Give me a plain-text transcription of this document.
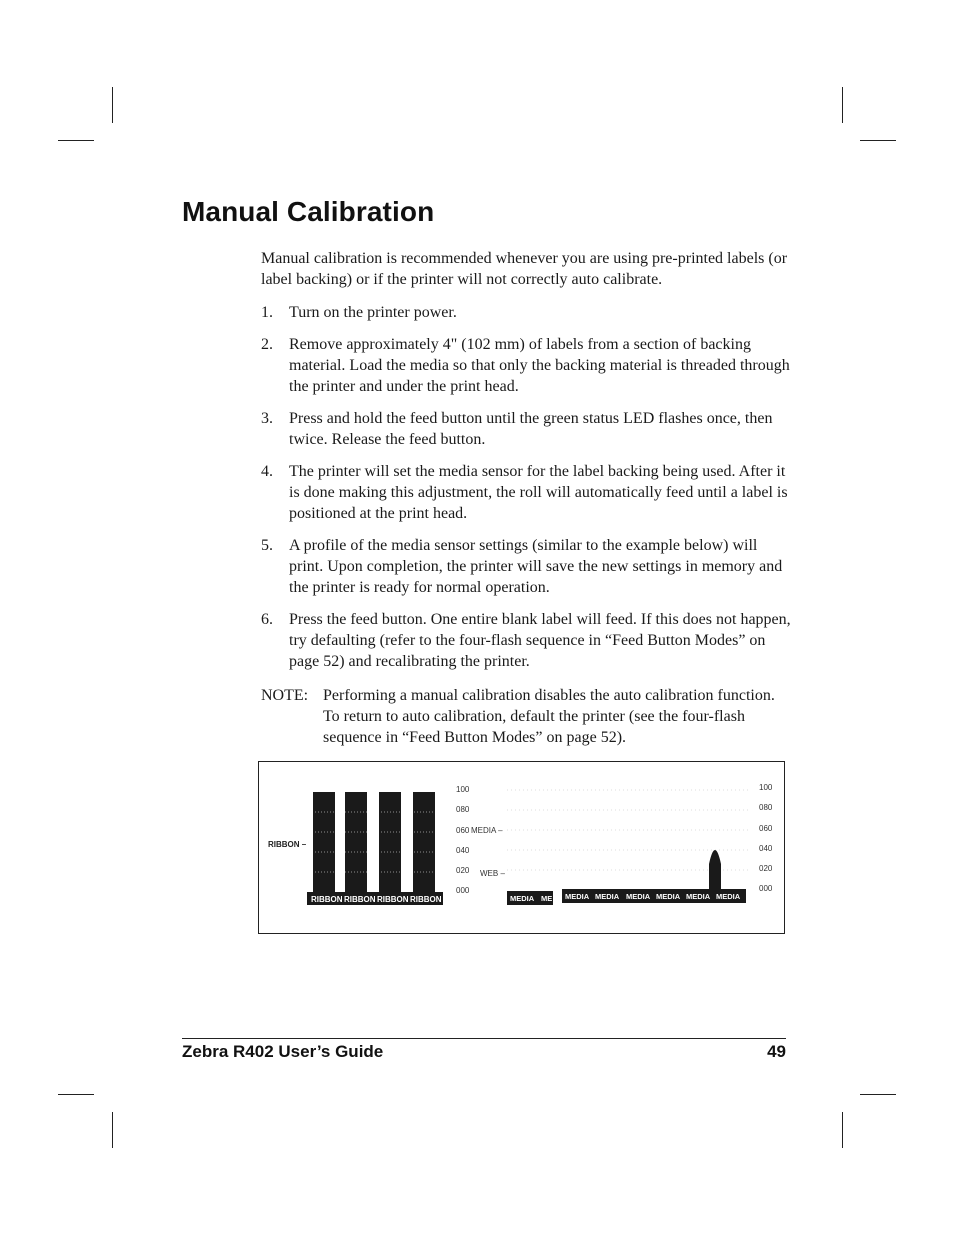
Manual Calibration
Manual calibration is recommended whenever you are using pre-printed labels (or label backing) or if the printer will not correctly auto calibrate.
1. Turn on the printer power.
2. Remove approximately 4" (102 mm) of labels from a section of backing material. Load the media so that only the backing material is threaded through the printer and under the print head.
3. Press and hold the feed button until the green status LED flashes once, then twice. Release the feed button.
4. The printer will set the media sensor for the label backing being used. After it is done making this adjustment, the roll will automatically feed until a label is positioned at the print head.
5. A profile of the media sensor settings (similar to the example below) will print. Upon completion, the printer will save the new settings in memory and the printer is ready for normal operation.
6. Press the feed button. One entire blank label will feed. If this does not happen, try defaulting (refer to the four-flash sequence in “Feed Button Modes” on page 52) and recalibrating the printer.
NOTE: Performing a manual calibration disables the auto calibration function. To return to auto calibration, default the printer (see the four-flash sequence in “Feed Button Modes” on page 52).
RIBBON –
RIBBON RIBBON RIBBON RIBBON
100
080
060
040
020
000
100
080
060
040
020
000
MEDIA –
WEB –
MEDIA ME MEDIA MEDIA MEDIA MEDIA MEDIA MEDIA
Zebra R402 User’s Guide	49
